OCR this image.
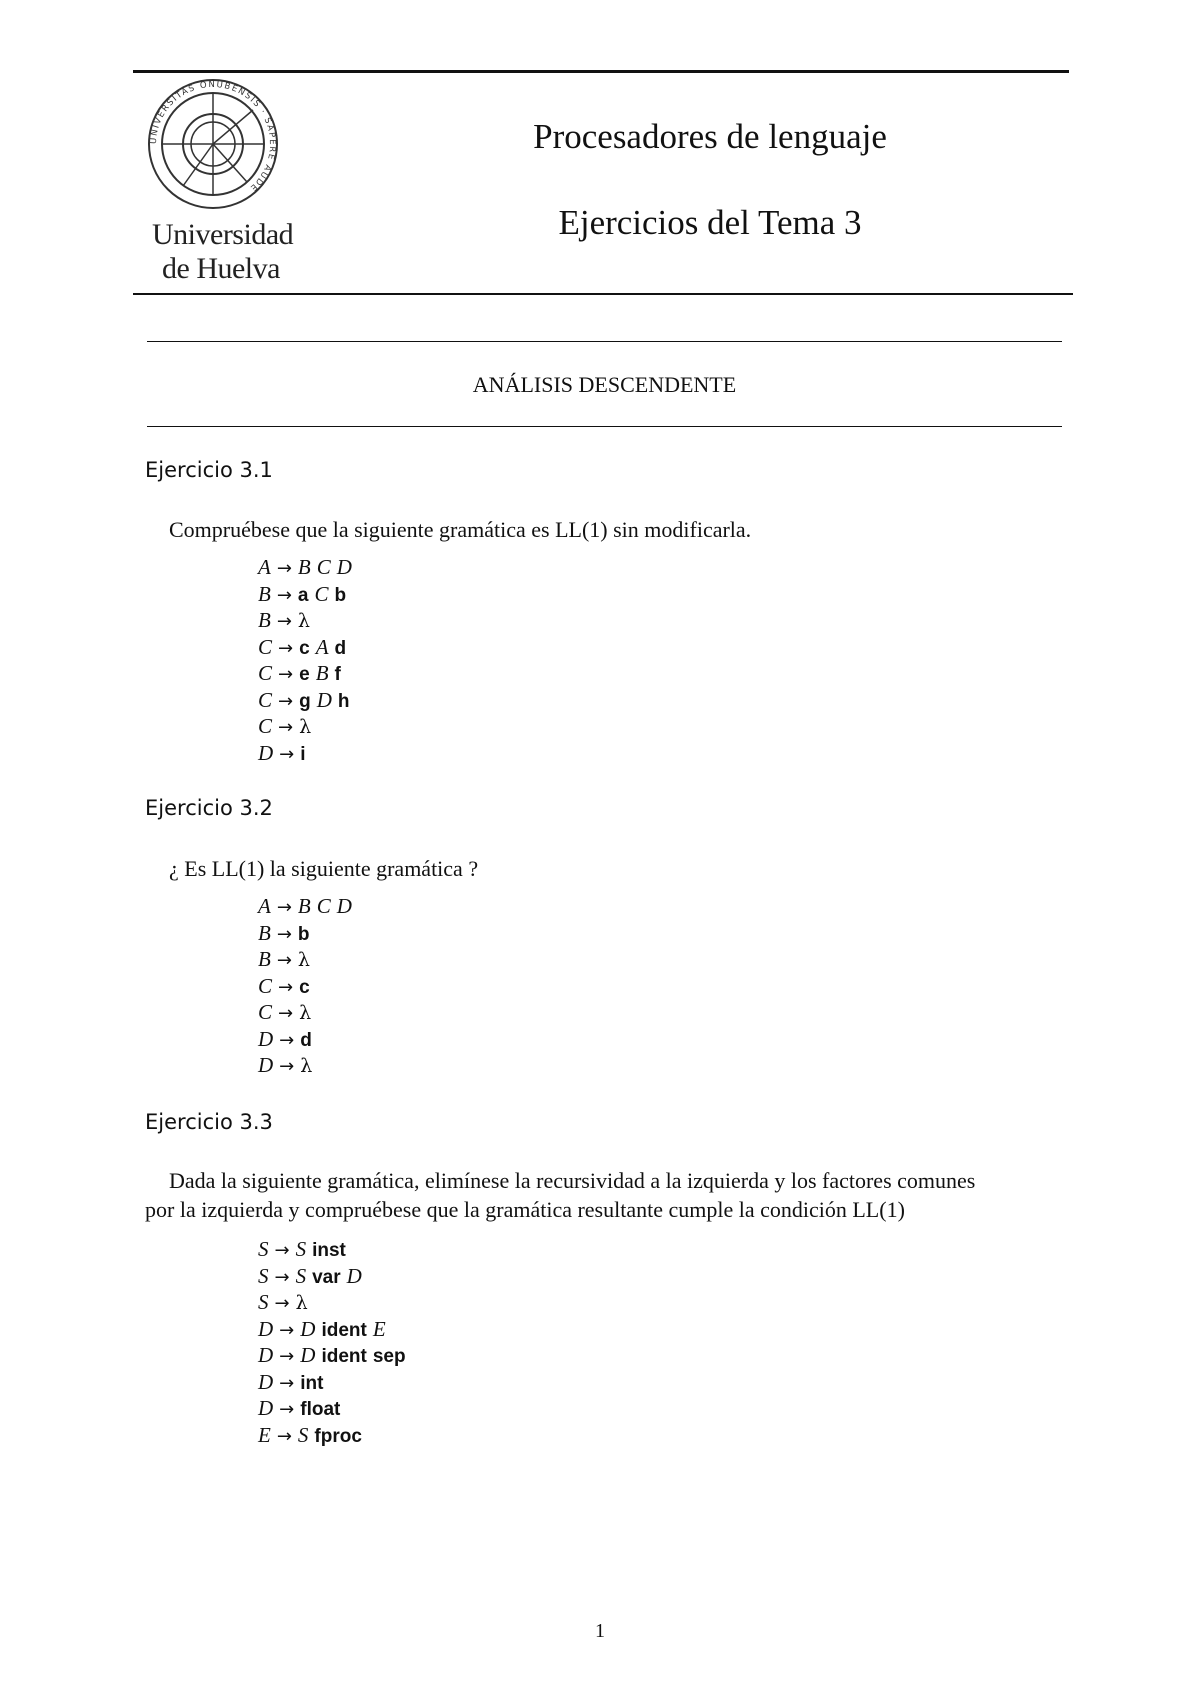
UNIVERSITAS ONUBENSIS · SAPERE AUDE
Universidad
de Huelva
Procesadores de lenguaje
Ejercicios del Tema 3
ANÁLISIS DESCENDENTE
Ejercicio 3.1
Compruébese que la siguiente gramática es LL(1) sin modificarla.
A → B C D
B → a C b
B → λ
C → c A d
C → e B f
C → g D h
C → λ
D → i
Ejercicio 3.2
¿ Es LL(1) la siguiente gramática ?
A → B C D
B → b
B → λ
C → c
C → λ
D → d
D → λ
Ejercicio 3.3
Dada la siguiente gramática, elimínese la recursividad a la izquierda y los factores comunes
por la izquierda y compruébese que la gramática resultante cumple la condición LL(1)
S → S inst
S → S var D
S → λ
D → D ident E
D → D ident sep
D → int
D → float
E → S fproc
1
